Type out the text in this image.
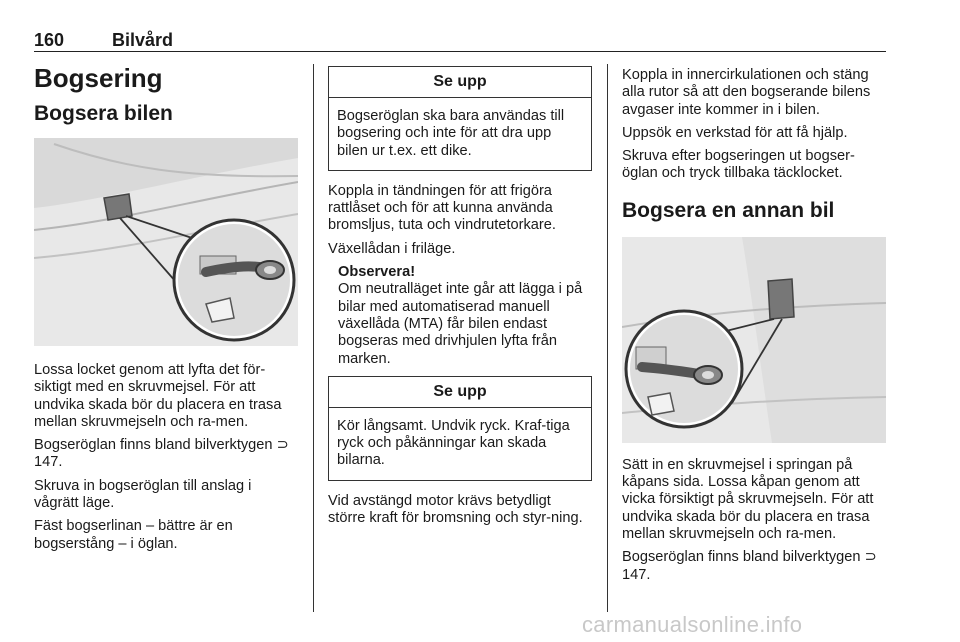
160	Bilvård
Bogsering
Bogsera bilen

Lossa locket genom att lyfta det för-siktigt med en skruvmejsel. För att undvika skada bör du placera en trasa mellan skruvmejseln och ra-men.

Bogseröglan finns bland bilverktygen ⊃ 147.

Skruva in bogseröglan till anslag i vågrätt läge.

Fäst bogserlinan – bättre är en bogserstång – i öglan.

Se upp

Bogseröglan ska bara användas till bogsering och inte för att dra upp bilen ur t.ex. ett dike.

Koppla in tändningen för att frigöra rattlåset och för att kunna använda bromsljus, tuta och vindrutetorkare.

Växellådan i friläge.

Observera!

Om neutralläget inte går att lägga i på bilar med automatiserad manuell växellåda (MTA) får bilen endast bogseras med drivhjulen lyfta från marken.

Se upp

Kör långsamt. Undvik ryck. Kraf-tiga ryck och påkänningar kan skada bilarna.

Vid avstängd motor krävs betydligt större kraft för bromsning och styr-ning.

Koppla in innercirkulationen och stäng alla rutor så att den bogserande bilens avgaser inte kommer in i bilen.

Uppsök en verkstad för att få hjälp.

Skruva efter bogseringen ut bogser-öglan och tryck tillbaka täcklocket.

Bogsera en annan bil

Sätt in en skruvmejsel i springan på kåpans sida. Lossa kåpan genom att vicka försiktigt på skruvmejseln. För att undvika skada bör du placera en trasa mellan skruvmejseln och ra-men.

Bogseröglan finns bland bilverktygen ⊃ 147.

carmanualsonline.info
